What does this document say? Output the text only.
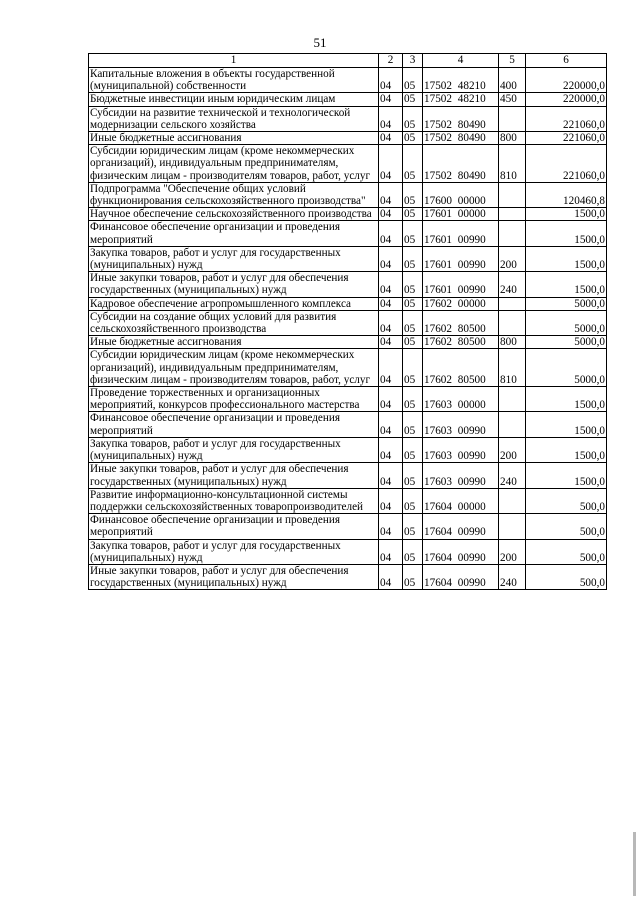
51
1	2	3	4	5	6
Капитальные вложения в объекты государственной (муниципальной) собственности	04	05	17502 48210	400	220000,0
Бюджетные инвестиции иным юридическим лицам	04	05	17502 48210	450	220000,0
Субсидии на развитие технической и технологической модернизации сельского хозяйства	04	05	17502 80490		221060,0
Иные бюджетные ассигнования	04	05	17502 80490	800	221060,0
Субсидии юридическим лицам (кроме некоммерческих организаций), индивидуальным предпринимателям, физическим лицам - производителям товаров, работ, услуг	04	05	17502 80490	810	221060,0
Подпрограмма "Обеспечение общих условий функционирования сельскохозяйственного производства"	04	05	17600 00000		120460,8
Научное обеспечение сельскохозяйственного производства	04	05	17601 00000		1500,0
Финансовое обеспечение организации и проведения мероприятий	04	05	17601 00990		1500,0
Закупка товаров, работ и услуг для государственных (муниципальных) нужд	04	05	17601 00990	200	1500,0
Иные закупки товаров, работ и услуг для обеспечения государственных (муниципальных) нужд	04	05	17601 00990	240	1500,0
Кадровое обеспечение агропромышленного комплекса	04	05	17602 00000		5000,0
Субсидии на создание общих условий для развития сельскохозяйственного производства	04	05	17602 80500		5000,0
Иные бюджетные ассигнования	04	05	17602 80500	800	5000,0
Субсидии юридическим лицам (кроме некоммерческих организаций), индивидуальным предпринимателям, физическим лицам - производителям товаров, работ, услуг	04	05	17602 80500	810	5000,0
Проведение торжественных и организационных мероприятий, конкурсов профессионального мастерства	04	05	17603 00000		1500,0
Финансовое обеспечение организации и проведения мероприятий	04	05	17603 00990		1500,0
Закупка товаров, работ и услуг для государственных (муниципальных) нужд	04	05	17603 00990	200	1500,0
Иные закупки товаров, работ и услуг для обеспечения государственных (муниципальных) нужд	04	05	17603 00990	240	1500,0
Развитие информационно-консультационной системы поддержки сельскохозяйственных товаропроизводителей	04	05	17604 00000		500,0
Финансовое обеспечение организации и проведения мероприятий	04	05	17604 00990		500,0
Закупка товаров, работ и услуг для государственных (муниципальных) нужд	04	05	17604 00990	200	500,0
Иные закупки товаров, работ и услуг для обеспечения государственных (муниципальных) нужд	04	05	17604 00990	240	500,0
